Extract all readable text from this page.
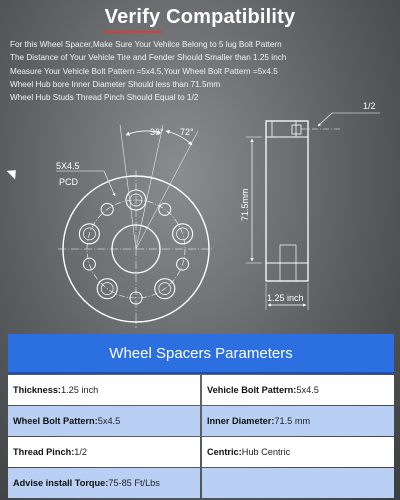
Verify Compatibility
For this Wheel Spacer,Make Sure Your Vehilce Belong to 5 lug Bolt Pattern
The Distance of Your Vehicle Tire and Fender Should Smaller than 1.25 inch
Measure Your Vehicle Bolt Pattern =5x4.5,Your Wheel Bolt Pattern =5x4.5
Wheel Hub bore Inner Diameter Should less than 71.5mm
Wheel Hub Studs Thread Pinch Should Equal to 1/2
36° 72°
5X4.5
PCD
1/2
71.5mm
1.25 inch
Wheel Spacers Parameters
Thickness: 1.25 inch	Vehicle Bolt Pattern: 5x4.5
Wheel Bolt Pattern: 5x4.5	Inner Diameter: 71.5 mm
Thread Pinch: 1/2	Centric: Hub Centric
Advise install Torque: 75-85 Ft/Lbs
